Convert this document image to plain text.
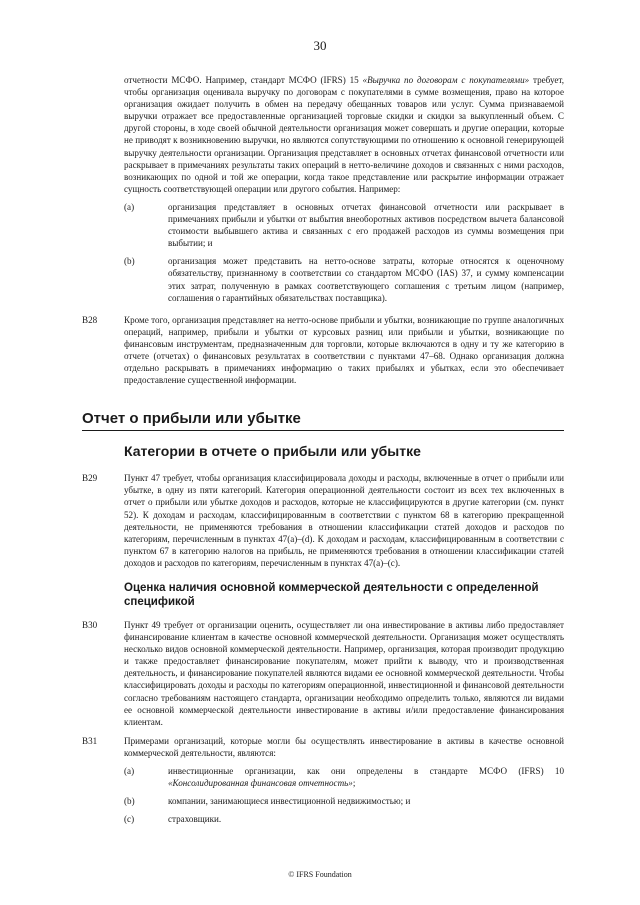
30

отчетности МСФО. Например, стандарт МСФО (IFRS) 15 «Выручка по договорам с покупателями» требует, чтобы организация оценивала выручку по договорам с покупателями в сумме возмещения, право на которое организация ожидает получить в обмен на передачу обещанных товаров или услуг. Сумма признаваемой выручки отражает все предоставленные организацией торговые скидки и скидки за выкупленный объем. С другой стороны, в ходе своей обычной деятельности организация может совершать и другие операции, которые не приводят к возникновению выручки, но являются сопутствующими по отношению к основной генерирующей выручку деятельности организации. Организация представляет в основных отчетах финансовой отчетности или раскрывает в примечаниях результаты таких операций в нетто-величине доходов и связанных с ними расходов, возникающих по одной и той же операции, когда такое представление или раскрытие информации отражает сущность соответствующей операции или другого события. Например:

(a)	организация представляет в основных отчетах финансовой отчетности или раскрывает в примечаниях прибыли и убытки от выбытия внеоборотных активов посредством вычета балансовой стоимости выбывшего актива и связанных с его продажей расходов из суммы возмещения при выбытии; и
(b)	организация может представить на нетто-основе затраты, которые относятся к оценочному обязательству, признанному в соответствии со стандартом МСФО (IAS) 37, и сумму компенсации этих затрат, полученную в рамках соответствующего соглашения с третьим лицом (например, соглашения о гарантийных обязательствах поставщика).
B28	Кроме того, организация представляет на нетто-основе прибыли и убытки, возникающие по группе аналогичных операций, например, прибыли и убытки от курсовых разниц или прибыли и убытки, возникающие по финансовым инструментам, предназначенным для торговли, которые включаются в одну и ту же категорию в отчете (отчетах) о финансовых результатах в соответствии с пунктами 47–68. Однако организация должна отдельно раскрывать в примечаниях информацию о таких прибылях и убытках, если это обеспечивает предоставление существенной информации.
Отчет о прибыли или убытке
Категории в отчете о прибыли или убытке
B29	Пункт 47 требует, чтобы организация классифицировала доходы и расходы, включенные в отчет о прибыли или убытке, в одну из пяти категорий. Категория операционной деятельности состоит из всех тех включенных в отчет о прибыли или убытке доходов и расходов, которые не классифицируются в другие категории (см. пункт 52). К доходам и расходам, классифицированным в соответствии с пунктом 68 в категорию прекращенной деятельности, не применяются требования в отношении классификации статей доходов и расходов по категориям, перечисленным в пунктах 47(a)–(d). К доходам и расходам, классифицированным в соответствии с пунктом 67 в категорию налогов на прибыль, не применяются требования в отношении классификации статей доходов и расходов по категориям, перечисленным в пунктах 47(a)–(c).
Оценка наличия основной коммерческой деятельности с определенной спецификой
B30	Пункт 49 требует от организации оценить, осуществляет ли она инвестирование в активы либо предоставляет финансирование клиентам в качестве основной коммерческой деятельности. Организация может осуществлять несколько видов основной коммерческой деятельности. Например, организация, которая производит продукцию и также предоставляет финансирование покупателям, может прийти к выводу, что и производственная деятельность, и финансирование покупателей являются видами ее основной коммерческой деятельности. Чтобы классифицировать доходы и расходы по категориям операционной, инвестиционной и финансовой деятельности согласно требованиям настоящего стандарта, организации необходимо определить только, являются ли видами ее основной коммерческой деятельности инвестирование в активы и/или предоставление финансирования клиентам.
B31	Примерами организаций, которые могли бы осуществлять инвестирование в активы в качестве основной коммерческой деятельности, являются:
(a)	инвестиционные организации, как они определены в стандарте МСФО (IFRS) 10 «Консолидированная финансовая отчетность»;
(b)	компании, занимающиеся инвестиционной недвижимостью; и
(c)	страховщики.
© IFRS Foundation
